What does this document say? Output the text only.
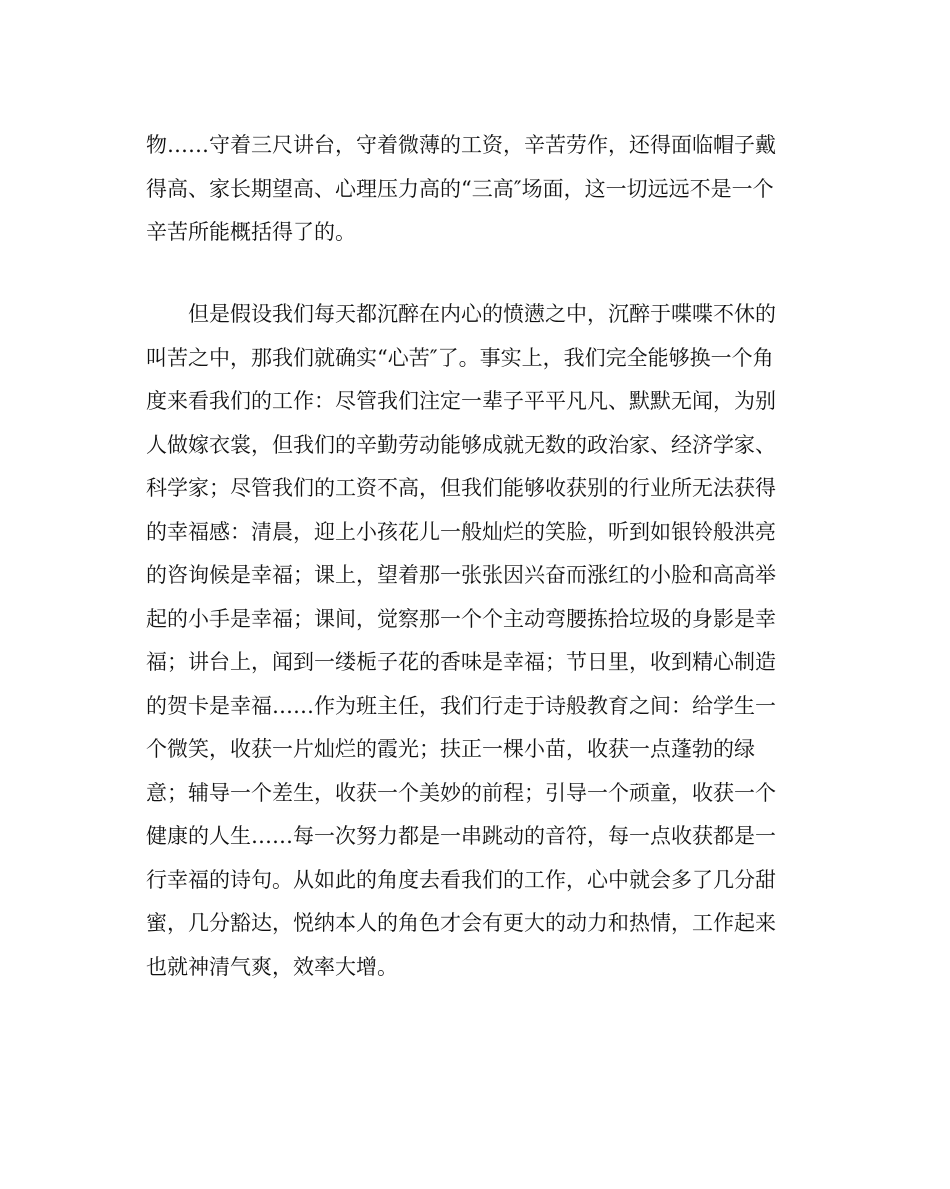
物……守着三尺讲台，守着微薄的工资，辛苦劳作，还得面临帽子戴
得高、家长期望高、心理压力高的“三高″场面，这一切远远不是一个
辛苦所能概括得了的。
但是假设我们每天都沉醉在内心的愤懑之中，沉醉于喋喋不休的
叫苦之中，那我们就确实“心苦″了。事实上，我们完全能够换一个角
度来看我们的工作：尽管我们注定一辈子平平凡凡、默默无闻，为别
人做嫁衣裳，但我们的辛勤劳动能够成就无数的政治家、经济学家、
科学家；尽管我们的工资不高，但我们能够收获别的行业所无法获得
的幸福感：清晨，迎上小孩花儿一般灿烂的笑脸，听到如银铃般洪亮
的咨询候是幸福；课上，望着那一张张因兴奋而涨红的小脸和高高举
起的小手是幸福；课间，觉察那一个个主动弯腰拣拾垃圾的身影是幸
福；讲台上，闻到一缕栀子花的香味是幸福；节日里，收到精心制造
的贺卡是幸福……作为班主任，我们行走于诗般教育之间：给学生一
个微笑，收获一片灿烂的霞光；扶正一棵小苗，收获一点蓬勃的绿
意；辅导一个差生，收获一个美妙的前程；引导一个顽童，收获一个
健康的人生……每一次努力都是一串跳动的音符，每一点收获都是一
行幸福的诗句。从如此的角度去看我们的工作，心中就会多了几分甜
蜜，几分豁达，悦纳本人的角色才会有更大的动力和热情，工作起来
也就神清气爽，效率大增。
